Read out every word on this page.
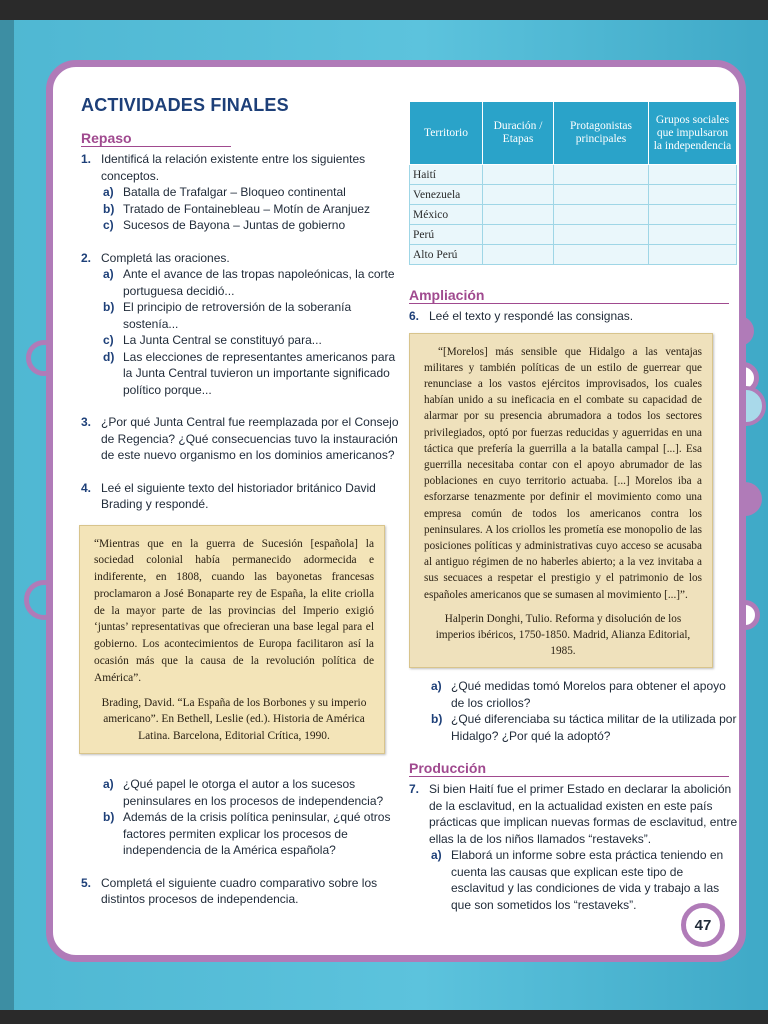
ACTIVIDADES FINALES
Repaso
1. Identificá la relación existente entre los siguientes conceptos.
a) Batalla de Trafalgar – Bloqueo continental
b) Tratado de Fontainebleau – Motín de Aranjuez
c) Sucesos de Bayona – Juntas de gobierno
2. Completá las oraciones.
a) Ante el avance de las tropas napoleónicas, la corte portuguesa decidió...
b) El principio de retroversión de la soberanía sostenía...
c) La Junta Central se constituyó para...
d) Las elecciones de representantes americanos para la Junta Central tuvieron un importante significado político porque...
3. ¿Por qué Junta Central fue reemplazada por el Consejo de Regencia? ¿Qué consecuencias tuvo la instauración de este nuevo organismo en los dominios americanos?
4. Leé el siguiente texto del historiador británico David Brading y respondé.
“Mientras que en la guerra de Sucesión [española] la sociedad colonial había permanecido adormecida e indiferente, en 1808, cuando las bayonetas francesas proclamaron a José Bonaparte rey de España, la elite criolla de la mayor parte de las provincias del Imperio exigió ‘juntas’ representativas que ofrecieran una base legal para el gobierno. Los acontecimientos de Europa facilitaron así la ocasión más que la causa de la revolución política de América”.
Brading, David. “La España de los Borbones y su imperio americano”. En Bethell, Leslie (ed.). Historia de América Latina. Barcelona, Editorial Crítica, 1990.
a) ¿Qué papel le otorga el autor a los sucesos peninsulares en los procesos de independencia?
b) Además de la crisis política peninsular, ¿qué otros factores permiten explicar los procesos de independencia de la América española?
5. Completá el siguiente cuadro comparativo sobre los distintos procesos de independencia.
Territorio	Duración / Etapas	Protagonistas principales	Grupos sociales que impulsaron la independencia
Haití			
Venezuela			
México			
Perú			
Alto Perú			
Ampliación
6. Leé el texto y respondé las consignas.
“[Morelos] más sensible que Hidalgo a las ventajas militares y también políticas de un estilo de guerrear que renunciase a los vastos ejércitos improvisados, los cuales habían unido a su ineficacia en el combate su capacidad de alarmar por su presencia abrumadora a todos los sectores privilegiados, optó por fuerzas reducidas y aguerridas en una táctica que prefería la guerrilla a la batalla campal [...]. Esa guerrilla necesitaba contar con el apoyo abrumador de las poblaciones en cuyo territorio actuaba. [...] Morelos iba a esforzarse tenazmente por definir el movimiento como una empresa común de todos los americanos contra los peninsulares. A los criollos les prometía ese monopolio de las posiciones políticas y administrativas cuyo acceso se acusaba al antiguo régimen de no haberles abierto; a la vez invitaba a sus secuaces a respetar el prestigio y el patrimonio de los españoles americanos que se sumasen al movimiento [...]”.
Halperin Donghi, Tulio. Reforma y disolución de los imperios ibéricos, 1750-1850. Madrid, Alianza Editorial, 1985.
a) ¿Qué medidas tomó Morelos para obtener el apoyo de los criollos?
b) ¿Qué diferenciaba su táctica militar de la utilizada por Hidalgo? ¿Por qué la adoptó?
Producción
7. Si bien Haití fue el primer Estado en declarar la abolición de la esclavitud, en la actualidad existen en este país prácticas que implican nuevas formas de esclavitud, entre ellas la de los niños llamados “restaveks”.
a) Elaborá un informe sobre esta práctica teniendo en cuenta las causas que explican este tipo de esclavitud y las condiciones de vida y trabajo a las que son sometidos los “restaveks”.
47
